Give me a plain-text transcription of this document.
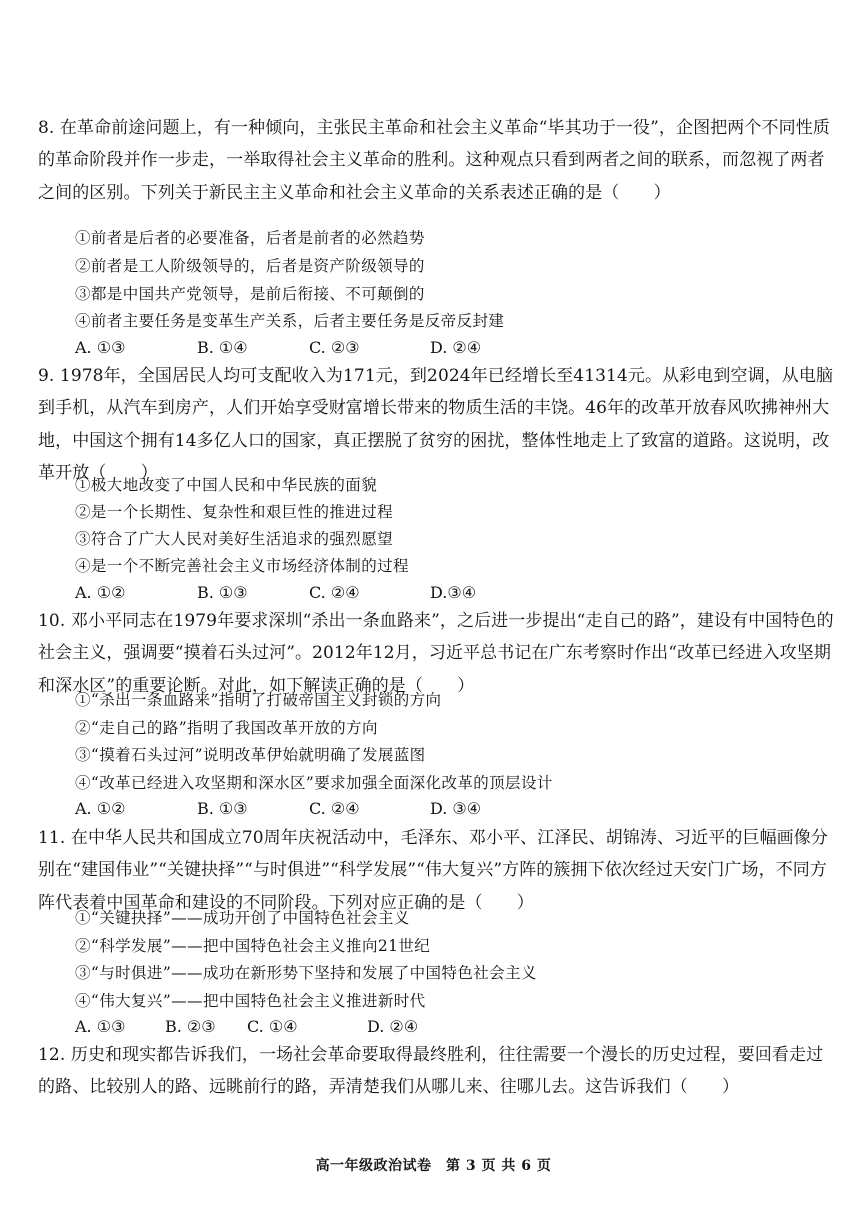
8. 在革命前途问题上，有一种倾向，主张民主革命和社会主义革命“毕其功于一役”，企图把两个不同性质的革命阶段并作一步走，一举取得社会主义革命的胜利。这种观点只看到两者之间的联系，而忽视了两者之间的区别。下列关于新民主主义革命和社会主义革命的关系表述正确的是（　　）
①前者是后者的必要准备，后者是前者的必然趋势
②前者是工人阶级领导的，后者是资产阶级领导的
③都是中国共产党领导，是前后衔接、不可颠倒的
④前者主要任务是变革生产关系，后者主要任务是反帝反封建
A. ①③	B. ①④	C. ②③	D. ②④
9. 1978年，全国居民人均可支配收入为171元，到2024年已经增长至41314元。从彩电到空调，从电脑到手机，从汽车到房产，人们开始享受财富增长带来的物质生活的丰饶。46年的改革开放春风吹拂神州大地，中国这个拥有14多亿人口的国家，真正摆脱了贫穷的困扰，整体性地走上了致富的道路。这说明，改革开放（　　）
①极大地改变了中国人民和中华民族的面貌
②是一个长期性、复杂性和艰巨性的推进过程
③符合了广大人民对美好生活追求的强烈愿望
④是一个不断完善社会主义市场经济体制的过程
A. ①②	B. ①③	C. ②④	D.③④
10. 邓小平同志在1979年要求深圳“杀出一条血路来”，之后进一步提出“走自己的路”，建设有中国特色的社会主义，强调要“摸着石头过河”。2012年12月，习近平总书记在广东考察时作出“改革已经进入攻坚期和深水区”的重要论断。对此，如下解读正确的是（　　）
①“杀出一条血路来”指明了打破帝国主义封锁的方向
②“走自己的路”指明了我国改革开放的方向
③“摸着石头过河”说明改革伊始就明确了发展蓝图
④“改革已经进入攻坚期和深水区”要求加强全面深化改革的顶层设计
A. ①②	B. ①③	C. ②④	D. ③④
11. 在中华人民共和国成立70周年庆祝活动中，毛泽东、邓小平、江泽民、胡锦涛、习近平的巨幅画像分别在“建国伟业”“关键抉择”“与时俱进”“科学发展”“伟大复兴”方阵的簇拥下依次经过天安门广场，不同方阵代表着中国革命和建设的不同阶段。下列对应正确的是（　　）
①“关键抉择”——成功开创了中国特色社会主义
②“科学发展”——把中国特色社会主义推向21世纪
③“与时俱进”——成功在新形势下坚持和发展了中国特色社会主义
④“伟大复兴”——把中国特色社会主义推进新时代
A. ①③ B. ②③ C. ①④	D. ②④
12. 历史和现实都告诉我们，一场社会革命要取得最终胜利，往往需要一个漫长的历史过程，要回看走过的路、比较别人的路、远眺前行的路，弄清楚我们从哪儿来、往哪儿去。这告诉我们（　　）
高一年级政治试卷　第 3 页 共 6 页
